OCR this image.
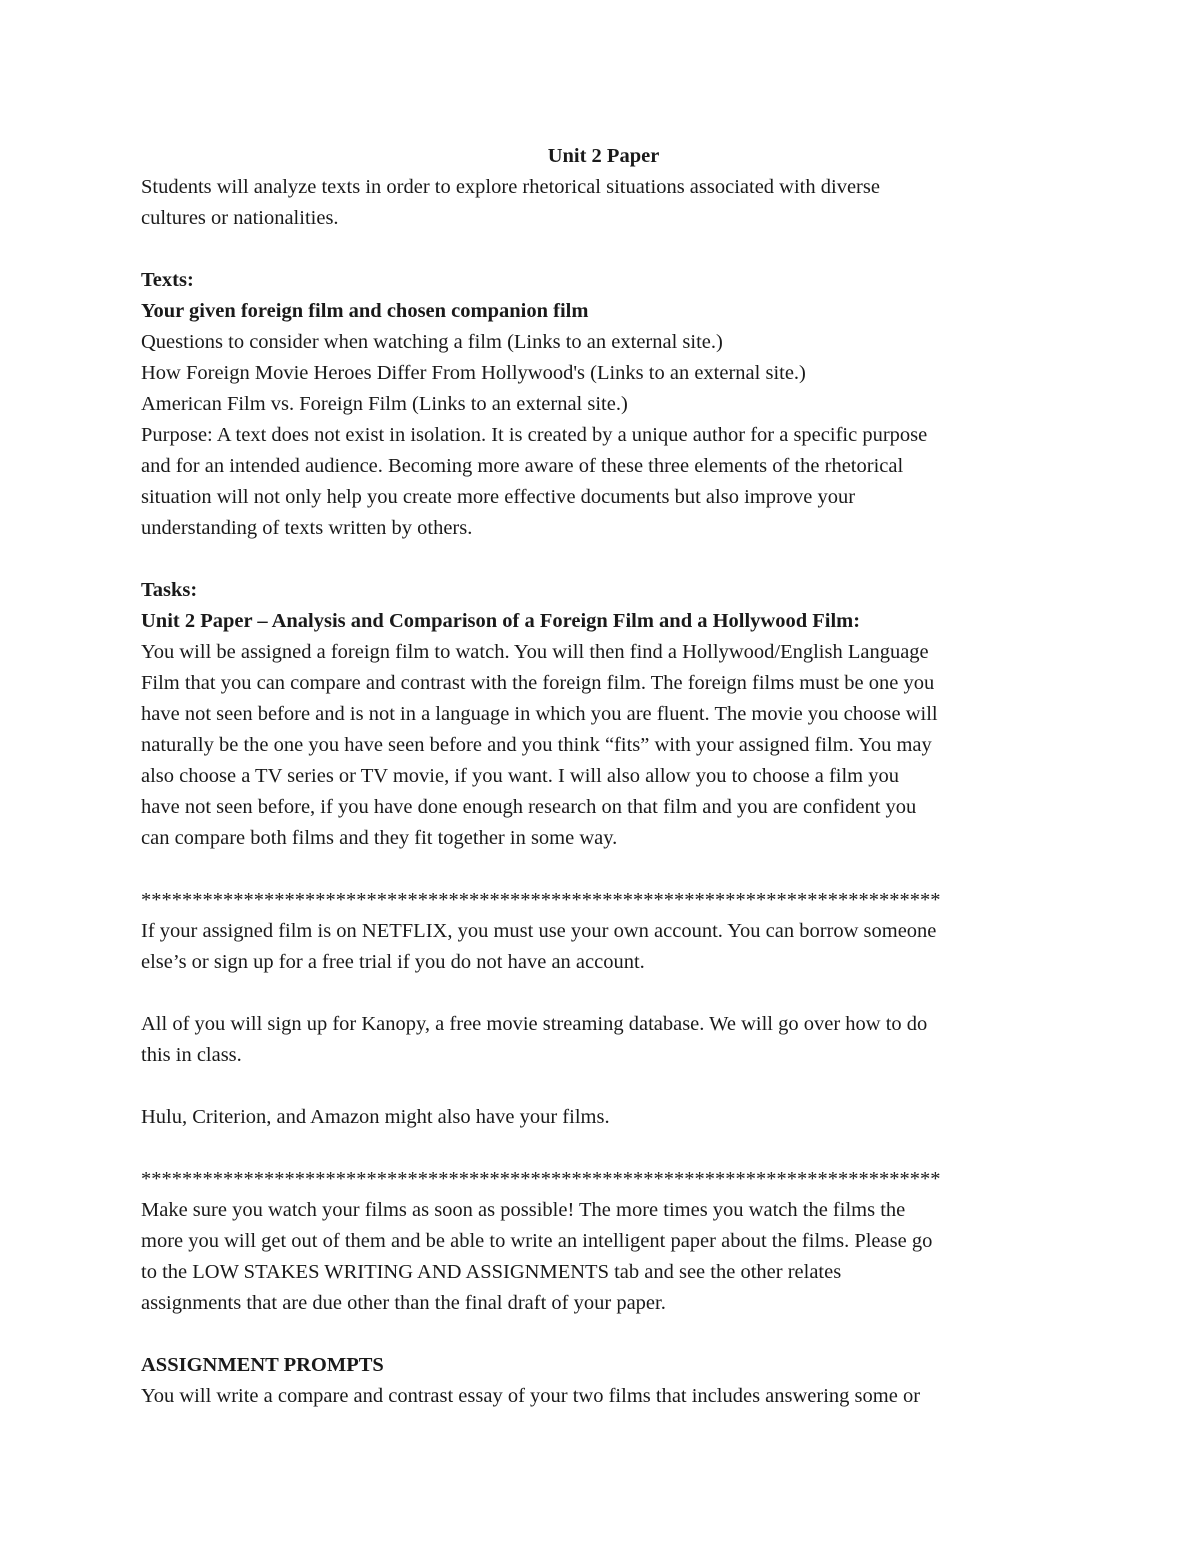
Unit 2 Paper

Students will analyze texts in order to explore rhetorical situations associated with diverse

cultures or nationalities.

Texts:

Your given foreign film and chosen companion film

Questions to consider when watching a film (Links to an external site.)

How Foreign Movie Heroes Differ From Hollywood's (Links to an external site.)

American Film vs. Foreign Film (Links to an external site.)

Purpose: A text does not exist in isolation. It is created by a unique author for a specific purpose

and for an intended audience. Becoming more aware of these three elements of the rhetorical

situation will not only help you create more effective documents but also improve your

understanding of texts written by others.

Tasks:

Unit 2 Paper – Analysis and Comparison of a Foreign Film and a Hollywood Film:

You will be assigned a foreign film to watch. You will then find a Hollywood/English Language

Film that you can compare and contrast with the foreign film. The foreign films must be one you

have not seen before and is not in a language in which you are fluent. The movie you choose will

naturally be the one you have seen before and you think “fits” with your assigned film. You may

also choose a TV series or TV movie, if you want. I will also allow you to choose a film you

have not seen before, if you have done enough research on that film and you are confident you

can compare both films and they fit together in some way.

******************************************************************************

If your assigned film is on NETFLIX, you must use your own account. You can borrow someone

else’s or sign up for a free trial if you do not have an account.

All of you will sign up for Kanopy, a free movie streaming database. We will go over how to do

this in class.

Hulu, Criterion, and Amazon might also have your films.

******************************************************************************

Make sure you watch your films as soon as possible! The more times you watch the films the

more you will get out of them and be able to write an intelligent paper about the films. Please go

to the LOW STAKES WRITING AND ASSIGNMENTS tab and see the other relates

assignments that are due other than the final draft of your paper.

ASSIGNMENT PROMPTS

You will write a compare and contrast essay of your two films that includes answering some or
